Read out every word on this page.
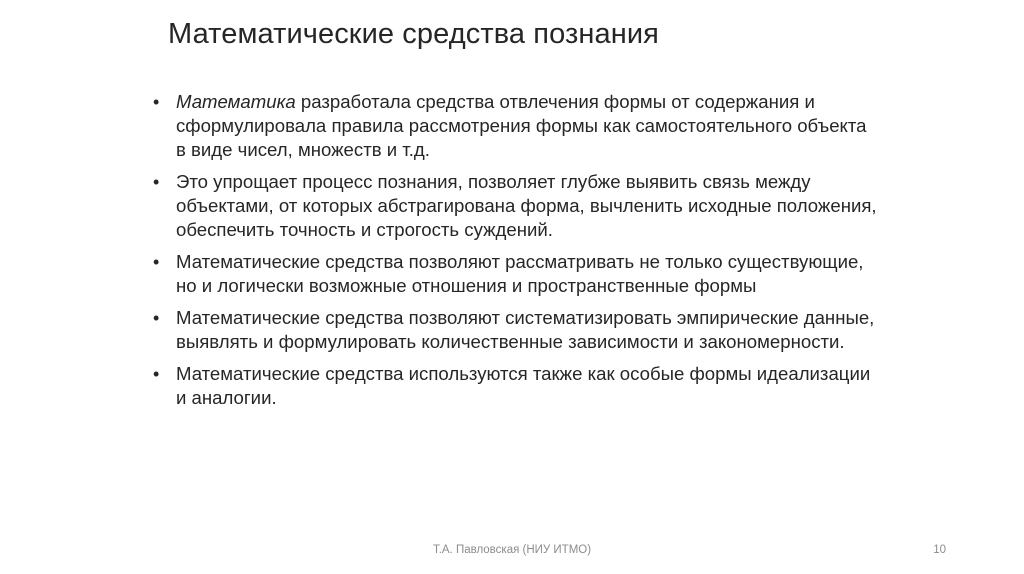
Математические средства познания
• Математика разработала средства отвлечения формы от содержания и сформулировала правила рассмотрения формы как самостоятельного объекта в виде чисел, множеств и т.д.
• Это упрощает процесс познания, позволяет глубже выявить связь между объектами, от которых абстрагирована форма, вычленить исходные положения, обеспечить точность и строгость суждений.
• Математические средства позволяют рассматривать не только существующие, но и логически возможные отношения и пространственные формы
• Математические средства позволяют систематизировать эмпирические данные, выявлять и формулировать количественные зависимости и закономерности.
• Математические средства используются также как особые формы идеализации и аналогии.
Т.А. Павловская (НИУ ИТМО)	10
